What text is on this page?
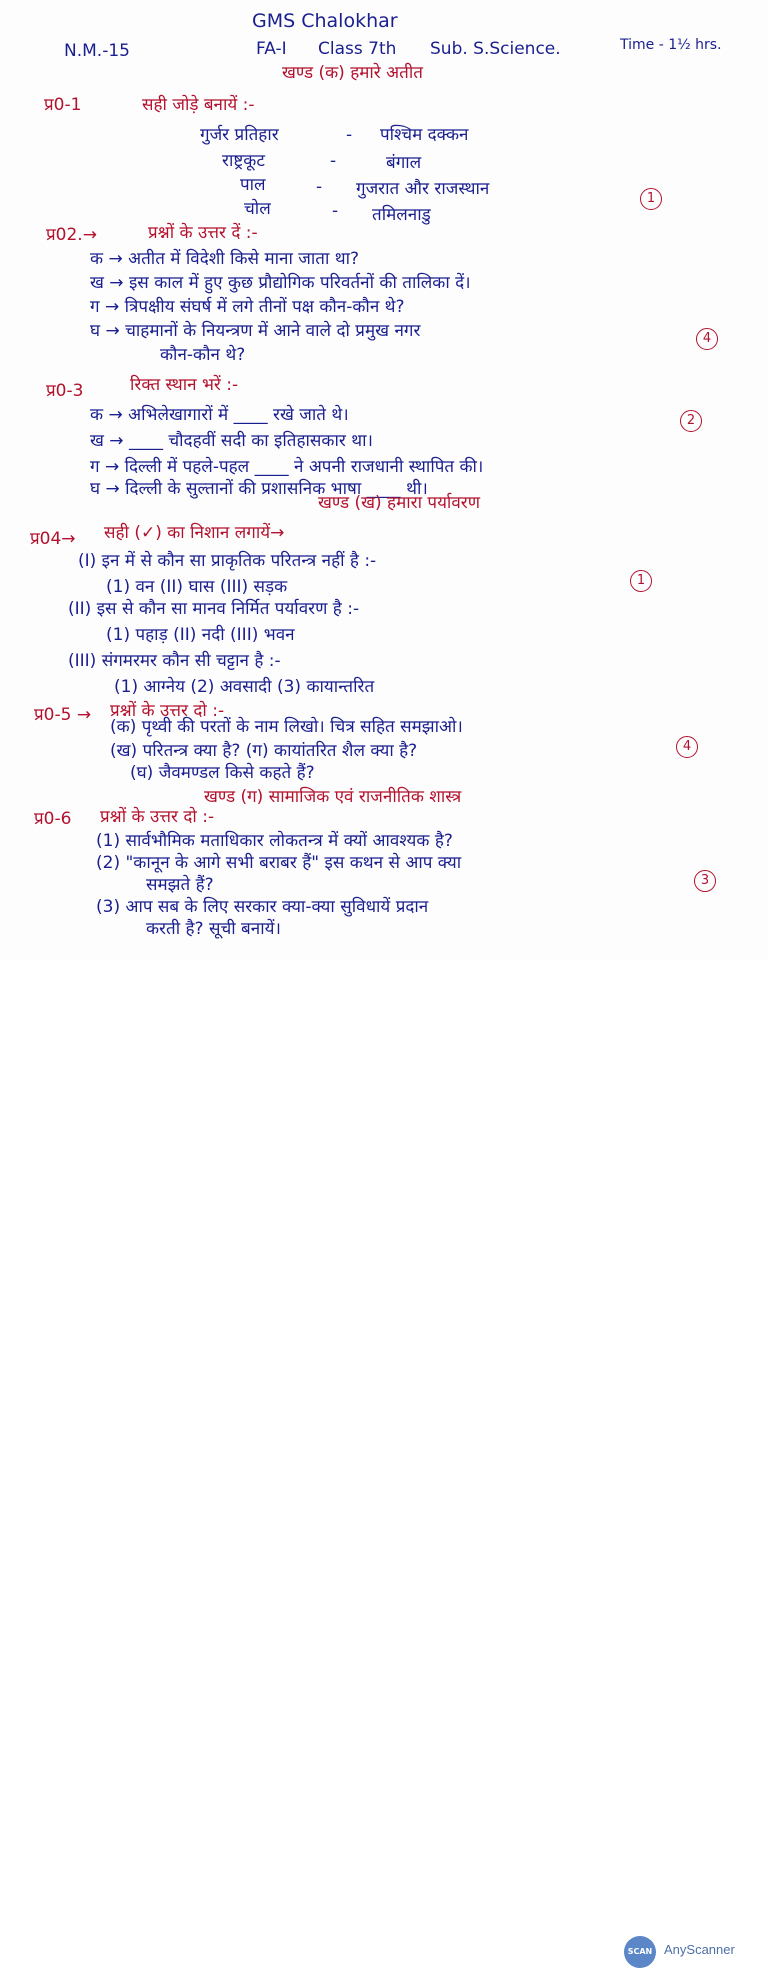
GMS Chalokhar
N.M.-15	FA-I Class 7th Sub. S.Science.	Time - 1½ hrs.
खण्ड (क) हमारे अतीत
प्र0-1	सही जोड़े बनायें :-
गुर्जर प्रतिहार	- पश्चिम दक्कन
राष्ट्रकूट	-	बंगाल
पाल	- गुजरात और राजस्थान
चोल	- तमिलनाडु
1
प्र02.→	प्रश्नों के उत्तर दें :-
क → अतीत में विदेशी किसे माना जाता था?
ख → इस काल में हुए कुछ प्रौद्योगिक परिवर्तनों की तालिका दें।
ग → त्रिपक्षीय संघर्ष में लगे तीनों पक्ष कौन-कौन थे?
घ → चाहमानों के नियन्त्रण में आने वाले दो प्रमुख नगर
कौन-कौन थे?
4
प्र0-3	रिक्त स्थान भरें :-
क → अभिलेखागारों में ____ रखे जाते थे।
ख → ____ चौदहवीं सदी का इतिहासकार था।
ग → दिल्ली में पहले-पहल ____ ने अपनी राजधानी स्थापित की।
घ → दिल्ली के सुल्तानों की प्रशासनिक भाषा ____ थी।
2
खण्ड (ख) हमारा पर्यावरण
प्र04→ सही (✓) का निशान लगायें→
(I) इन में से कौन सा प्राकृतिक परितन्त्र नहीं है :-
(1) वन (II) घास (III) सड़क
(II) इस से कौन सा मानव निर्मित पर्यावरण है :-
(1) पहाड़ (II) नदी (III) भवन
(III) संगमरमर कौन सी चट्टान है :-
(1) आग्नेय (2) अवसादी (3) कायान्तरित
1
प्र0-5 → प्रश्नों के उत्तर दो :-
(क) पृथ्वी की परतों के नाम लिखो। चित्र सहित समझाओ।
(ख) परितन्त्र क्या है? (ग) कायांतरित शैल क्या है?
(घ) जैवमण्डल किसे कहते हैं?
4
खण्ड (ग) सामाजिक एवं राजनीतिक शास्त्र
प्र0-6 प्रश्नों के उत्तर दो :-
(1) सार्वभौमिक मताधिकार लोकतन्त्र में क्यों आवश्यक है?
(2) "कानून के आगे सभी बराबर हैं" इस कथन से आप क्या
समझते हैं?
(3) आप सब के लिए सरकार क्या-क्या सुविधायें प्रदान
करती है? सूची बनायें।
3
SCAN AnyScanner
